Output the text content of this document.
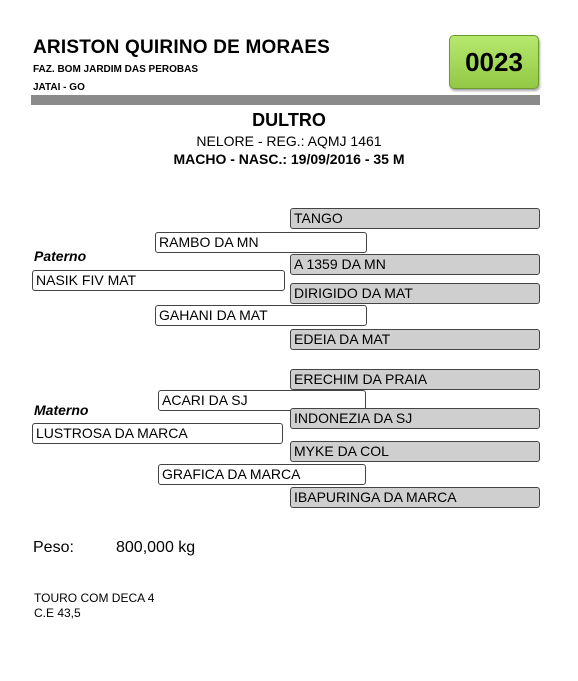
ARISTON QUIRINO DE MORAES
FAZ. BOM JARDIM DAS PEROBAS
JATAI - GO
0023
DULTRO
NELORE - REG.: AQMJ 1461
MACHO - NASC.: 19/09/2016 - 35 M
TANGO
RAMBO DA MN
Paterno	A 1359 DA MN
NASIK FIV MAT
DIRIGIDO DA MAT
GAHANI DA MAT
EDEIA DA MAT
ERECHIM DA PRAIA
ACARI DA SJ
Materno	INDONEZIA DA SJ
LUSTROSA DA MARCA
MYKE DA COL
GRAFICA DA MARCA
IBAPURINGA DA MARCA
Peso:	800,000 kg
TOURO COM DECA 4
C.E 43,5
